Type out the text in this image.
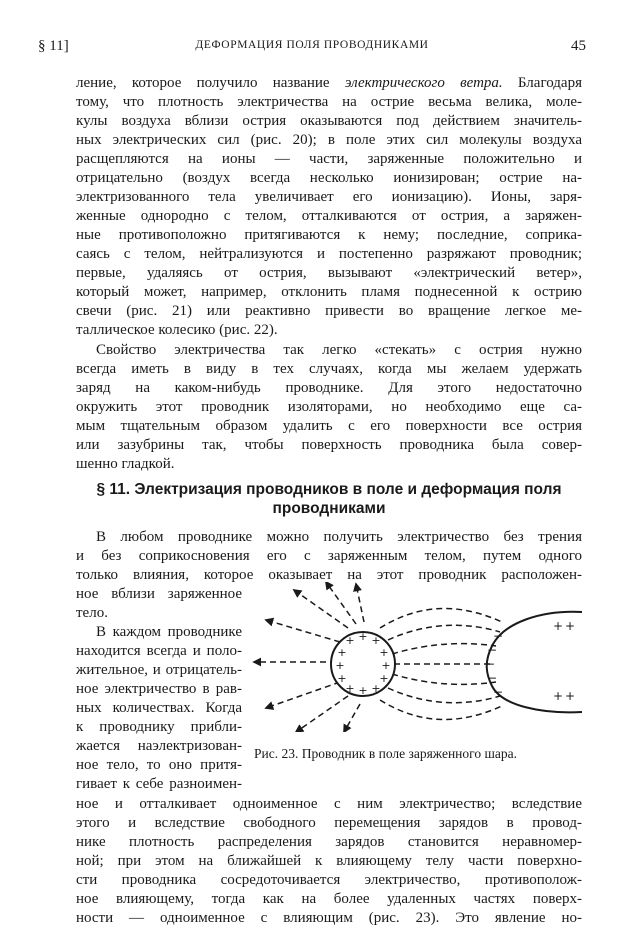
§ 11]	ДЕФОРМАЦИЯ ПОЛЯ ПРОВОДНИКАМИ	45
ление, которое получило название электрического ветра. Благодаря
тому, что плотность электричества на острие весьма велика, моле-
кулы воздуха вблизи острия оказываются под действием значитель-
ных электрических сил (рис. 20); в поле этих сил молекулы воздуха
расщепляются на ионы — части, заряженные положительно и
отрицательно (воздух всегда несколько ионизирован; острие на-
электризованного тела увеличивает его ионизацию). Ионы, заря-
женные однородно с телом, отталкиваются от острия, а заряжен-
ные противоположно притягиваются к нему; последние, соприка-
саясь с телом, нейтрализуются и постепенно разряжают проводник;
первые, удаляясь от острия, вызывают «электрический ветер»,
который может, например, отклонить пламя поднесенной к острию
свечи (рис. 21) или реактивно привести во вращение легкое ме-
таллическое колесико (рис. 22).
Свойство электричества так легко «стекать» с острия нужно
всегда иметь в виду в тех случаях, когда мы желаем удержать
заряд на каком-нибудь проводнике. Для этого недостаточно
окружить этот проводник изоляторами, но необходимо еще са-
мым тщательным образом удалить с его поверхности все острия
или зазубрины так, чтобы поверхность проводника была совер-
шенно гладкой.
§ 11. Электризация проводников в поле и деформация поля
проводниками
В любом проводнике можно получить электричество без трения
и без соприкосновения его с заряженным телом, путем одного
только влияния, которое оказывает на этот проводник расположен-
ное вблизи заряженное
тело.
В каждом проводнике
находится всегда и поло-
жительное, и отрицатель-
ное электричество в рав-
ных количествах. Когда
к проводнику прибли-
жается наэлектризован-
ное тело, то оно притя-
гивает к себе разноимен-
ное и отталкивает одноименное с ним электричество; вследствие
этого и вследствие свободного перемещения зарядов в провод-
нике плотность распределения зарядов становится неравномер-
ной; при этом на ближайшей к влияющему телу части поверхно-
сти проводника сосредоточивается электричество, противополож-
ное влияющему, тогда как на более удаленных частях поверх-
ности — одноименное с влияющим (рис. 23). Это явление но-
+ + +
+	+
+	+
+	+
+ + +
−
−
−
−
−
+ +
+ +
Рис. 23. Проводник в поле заряженного шара.
